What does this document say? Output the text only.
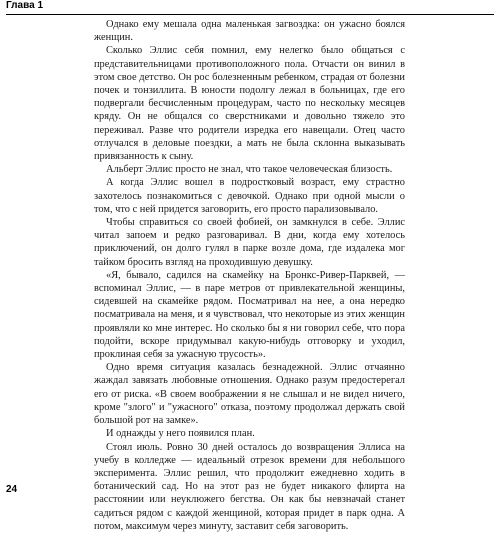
Глава 1

Однако ему мешала одна маленькая загвоздка: он ужасно боялся женщин.

Сколько Эллис себя помнил, ему нелегко было общаться с представительницами противоположного пола. Отчасти он винил в этом свое детство. Он рос болезненным ребенком, страдая от болезни почек и тонзиллита. В юности подолгу лежал в больницах, где его подвергали бесчисленным процедурам, часто по нескольку месяцев кряду. Он не общался со сверстниками и довольно тяжело это переживал. Разве что родители изредка его навещали. Отец часто отлучался в деловые поездки, а мать не была склонна выказывать привязанность к сыну.

Альберт Эллис просто не знал, что такое человеческая близость.

А когда Эллис вошел в подростковый возраст, ему страстно захотелось познакомиться с девочкой. Однако при одной мысли о том, что с ней придется заговорить, его просто парализовывало.

Чтобы справиться со своей фобией, он замкнулся в себе. Эллис читал запоем и редко разговаривал. В дни, когда ему хотелось приключений, он долго гулял в парке возле дома, где издалека мог тайком бросить взгляд на проходившую девушку.

«Я, бывало, садился на скамейку на Бронкс-Ривер-Парквей, — вспоминал Эллис, — в паре метров от привлекательной женщины, сидевшей на скамейке рядом. Посматривал на нее, а она нередко посматривала на меня, и я чувствовал, что некоторые из этих женщин проявляли ко мне интерес. Но сколько бы я ни говорил себе, что пора подойти, вскоре придумывал какую-нибудь отговорку и уходил, проклиная себя за ужасную трусость».

Одно время ситуация казалась безнадежной. Эллис отчаянно жаждал завязать любовные отношения. Однако разум предостерегал его от риска. «В своем воображении я не слышал и не видел ничего, кроме "злого" и "ужасного" отказа, поэтому продолжал держать свой большой рот на замке».

И однажды у него появился план.

Стоял июль. Ровно 30 дней осталось до возвращения Эллиса на учебу в колледже — идеальный отрезок времени для небольшого эксперимента. Эллис решил, что продолжит ежедневно ходить в ботанический сад. Но на этот раз не будет никакого флирта на расстоянии или неуклюжего бегства. Он как бы невзначай станет садиться рядом с каждой женщиной, которая придет в парк одна. А потом, максимум через минуту, заставит себя заговорить.

24
